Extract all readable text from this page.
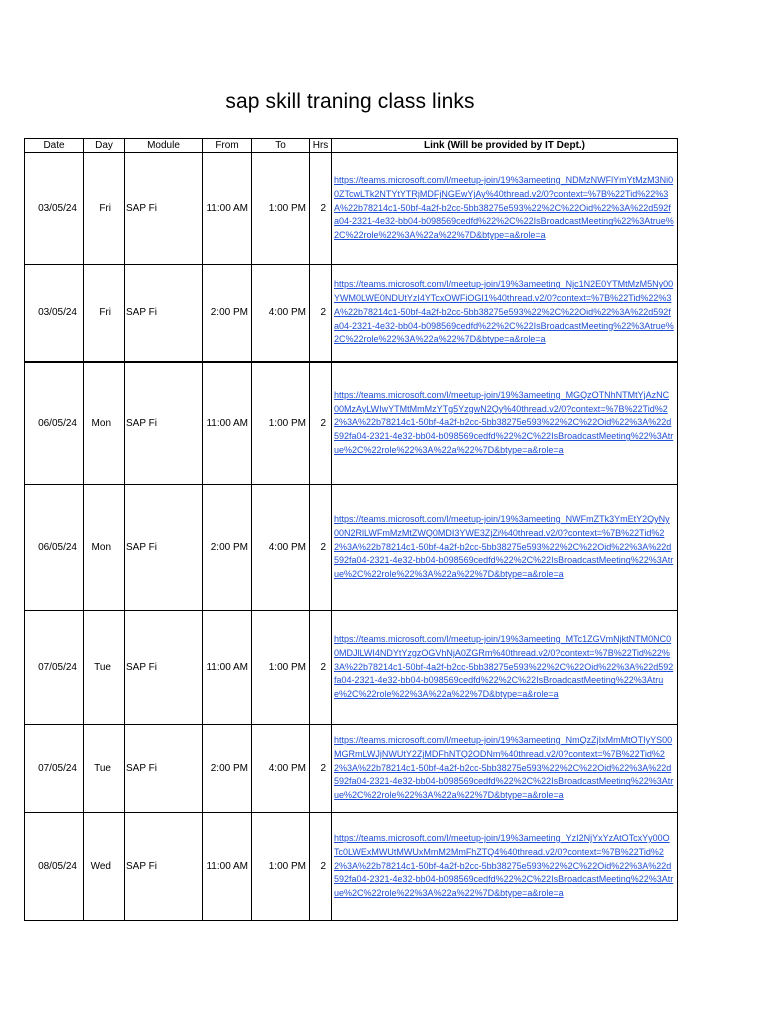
sap skill traning class links
Date	Day	Module	From	To	Hrs	Link (Will be provided by IT Dept.)
03/05/24	Fri	SAP Fi	11:00 AM	1:00 PM	2	https://teams.microsoft.com/l/meetup-join/19%3ameeting_NDMzNWFlYmYtMzM3Ni00ZTcwLTk2NTYtYTRjMDFjNGEwYjAy%40thread.v2/0?context=%7B%22Tid%22%3A%22b78214c1-50bf-4a2f-b2cc-5bb38275e593%22%2C%22Oid%22%3A%22d592fa04-2321-4e32-bb04-b098569cedfd%22%2C%22IsBroadcastMeeting%22%3Atrue%2C%22role%22%3A%22a%22%7D&btype=a&role=a

03/05/24	Fri	SAP Fi	2:00 PM	4:00 PM	2	https://teams.microsoft.com/l/meetup-join/19%3ameeting_Njc1N2E0YTMtMzM5Ny00YWM0LWE0NDUtYzI4YTcxOWFiOGI1%40thread.v2/0?context=%7B%22Tid%22%3A%22b78214c1-50bf-4a2f-b2cc-5bb38275e593%22%2C%22Oid%22%3A%22d592fa04-2321-4e32-bb04-b098569cedfd%22%2C%22IsBroadcastMeeting%22%3Atrue%2C%22role%22%3A%22a%22%7D&btype=a&role=a

06/05/24	Mon	SAP Fi	11:00 AM	1:00 PM	2	https://teams.microsoft.com/l/meetup-join/19%3ameeting_MGQzOTNhNTMtYjAzNC00MzAyLWIwYTMtMmMzYTg5YzgwN2Qy%40thread.v2/0?context=%7B%22Tid%22%3A%22b78214c1-50bf-4a2f-b2cc-5bb38275e593%22%2C%22Oid%22%3A%22d592fa04-2321-4e32-bb04-b098569cedfd%22%2C%22IsBroadcastMeeting%22%3Atrue%2C%22role%22%3A%22a%22%7D&btype=a&role=a

06/05/24	Mon	SAP Fi	2:00 PM	4:00 PM	2	https://teams.microsoft.com/l/meetup-join/19%3ameeting_NWFmZTk3YmEtY2QyNy00N2RlLWFmMzMtZWQ0MDI3YWE3ZjZi%40thread.v2/0?context=%7B%22Tid%22%3A%22b78214c1-50bf-4a2f-b2cc-5bb38275e593%22%2C%22Oid%22%3A%22d592fa04-2321-4e32-bb04-b098569cedfd%22%2C%22IsBroadcastMeeting%22%3Atrue%2C%22role%22%3A%22a%22%7D&btype=a&role=a

07/05/24	Tue	SAP Fi	11:00 AM	1:00 PM	2	https://teams.microsoft.com/l/meetup-join/19%3ameeting_MTc1ZGVmNjktNTM0NC00MDJlLWI4NDYtYzgzOGVhNjA0ZGRm%40thread.v2/0?context=%7B%22Tid%22%3A%22b78214c1-50bf-4a2f-b2cc-5bb38275e593%22%2C%22Oid%22%3A%22d592fa04-2321-4e32-bb04-b098569cedfd%22%2C%22IsBroadcastMeeting%22%3Atrue%2C%22role%22%3A%22a%22%7D&btype=a&role=a

07/05/24	Tue	SAP Fi	2:00 PM	4:00 PM	2	https://teams.microsoft.com/l/meetup-join/19%3ameeting_NmQzZjIxMmMtOTIyYS00MGRmLWJjNWUtY2ZjMDFhNTQ2ODNm%40thread.v2/0?context=%7B%22Tid%22%3A%22b78214c1-50bf-4a2f-b2cc-5bb38275e593%22%2C%22Oid%22%3A%22d592fa04-2321-4e32-bb04-b098569cedfd%22%2C%22IsBroadcastMeeting%22%3Atrue%2C%22role%22%3A%22a%22%7D&btype=a&role=a

08/05/24	Wed	SAP Fi	11:00 AM	1:00 PM	2	https://teams.microsoft.com/l/meetup-join/19%3ameeting_YzI2NjYxYzAtOTcxYy00OTc0LWExMWUtMWUxMmM2MmFhZTQ4%40thread.v2/0?context=%7B%22Tid%22%3A%22b78214c1-50bf-4a2f-b2cc-5bb38275e593%22%2C%22Oid%22%3A%22d592fa04-2321-4e32-bb04-b098569cedfd%22%2C%22IsBroadcastMeeting%22%3Atrue%2C%22role%22%3A%22a%22%7D&btype=a&role=a
